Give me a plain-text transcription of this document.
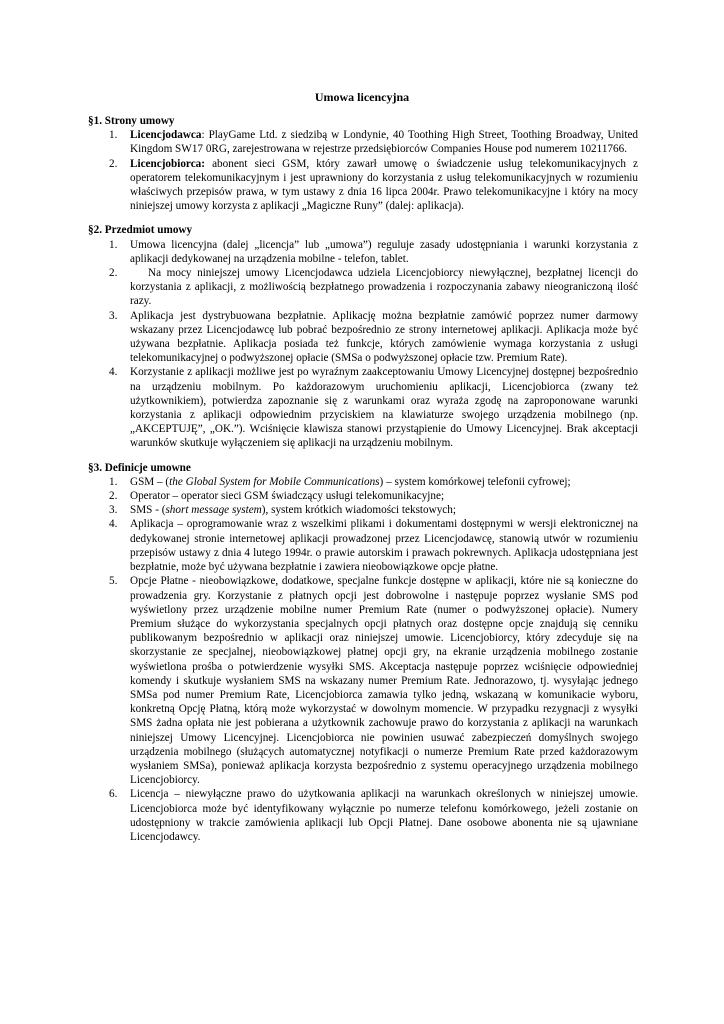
Umowa licencyjna

§1. Strony umowy

1. Licencjodawca: PlayGame Ltd. z siedzibą w Londynie, 40 Toothing High Street, Toothing Broadway, United Kingdom SW17 0RG, zarejestrowana w rejestrze przedsiębiorców Companies House pod numerem 10211766.
2. Licencjobiorca: abonent sieci GSM, który zawarł umowę o świadczenie usług telekomunikacyjnych z operatorem telekomunikacyjnym i jest uprawniony do korzystania z usług telekomunikacyjnych w rozumieniu właściwych przepisów prawa, w tym ustawy z dnia 16 lipca 2004r. Prawo telekomunikacyjne i który na mocy niniejszej umowy korzysta z aplikacji „Magiczne Runy” (dalej: aplikacja).

§2. Przedmiot umowy

1. Umowa licencyjna (dalej „licencja” lub „umowa”) reguluje zasady udostępniania i warunki korzystania z aplikacji dedykowanej na urządzenia mobilne - telefon, tablet.
2.	Na mocy niniejszej umowy Licencjodawca udziela Licencjobiorcy niewyłącznej, bezpłatnej licencji do korzystania z aplikacji, z możliwością bezpłatnego prowadzenia i rozpoczynania zabawy nieograniczoną ilość razy.
3. Aplikacja jest dystrybuowana bezpłatnie. Aplikację można bezpłatnie zamówić poprzez numer darmowy wskazany przez Licencjodawcę lub pobrać bezpośrednio ze strony internetowej aplikacji. Aplikacja może być używana bezpłatnie. Aplikacja posiada też funkcje, których zamówienie wymaga korzystania z usługi telekomunikacyjnej o podwyższonej opłacie (SMSa o podwyższonej opłacie tzw. Premium Rate).
4. Korzystanie z aplikacji możliwe jest po wyraźnym zaakceptowaniu Umowy Licencyjnej dostępnej bezpośrednio na urządzeniu mobilnym. Po każdorazowym uruchomieniu aplikacji, Licencjobiorca (zwany też użytkownikiem), potwierdza zapoznanie się z warunkami oraz wyraża zgodę na zaproponowane warunki korzystania z aplikacji odpowiednim przyciskiem na klawiaturze swojego urządzenia mobilnego (np. „AKCEPTUJĘ”, „OK.”). Wciśnięcie klawisza stanowi przystąpienie do Umowy Licencyjnej. Brak akceptacji warunków skutkuje wyłączeniem się aplikacji na urządzeniu mobilnym.

§3. Definicje umowne

1. GSM – (the Global System for Mobile Communications) – system komórkowej telefonii cyfrowej;
2. Operator – operator sieci GSM świadczący usługi telekomunikacyjne;
3. SMS - (short message system), system krótkich wiadomości tekstowych;
4. Aplikacja – oprogramowanie wraz z wszelkimi plikami i dokumentami dostępnymi w wersji elektronicznej na dedykowanej stronie internetowej aplikacji prowadzonej przez Licencjodawcę, stanowią utwór w rozumieniu przepisów ustawy z dnia 4 lutego 1994r. o prawie autorskim i prawach pokrewnych. Aplikacja udostępniana jest bezpłatnie, może być używana bezpłatnie i zawiera nieobowiązkowe opcje płatne.
5. Opcje Płatne - nieobowiązkowe, dodatkowe, specjalne funkcje dostępne w aplikacji, które nie są konieczne do prowadzenia gry. Korzystanie z płatnych opcji jest dobrowolne i następuje poprzez wysłanie SMS pod wyświetlony przez urządzenie mobilne numer Premium Rate (numer o podwyższonej opłacie). Numery Premium służące do wykorzystania specjalnych opcji płatnych oraz dostępne opcje znajdują się cenniku publikowanym bezpośrednio w aplikacji oraz niniejszej umowie. Licencjobiorcy, który zdecyduje się na skorzystanie ze specjalnej, nieobowiązkowej płatnej opcji gry, na ekranie urządzenia mobilnego zostanie wyświetlona prośba o potwierdzenie wysyłki SMS. Akceptacja następuje poprzez wciśnięcie odpowiedniej komendy i skutkuje wysłaniem SMS na wskazany numer Premium Rate. Jednorazowo, tj. wysyłając jednego SMSa pod numer Premium Rate, Licencjobiorca zamawia tylko jedną, wskazaną w komunikacie wyboru, konkretną Opcję Płatną, którą może wykorzystać w dowolnym momencie. W przypadku rezygnacji z wysyłki SMS żadna opłata nie jest pobierana a użytkownik zachowuje prawo do korzystania z aplikacji na warunkach niniejszej Umowy Licencyjnej. Licencjobiorca nie powinien usuwać zabezpieczeń domyślnych swojego urządzenia mobilnego (służących automatycznej notyfikacji o numerze Premium Rate przed każdorazowym wysłaniem SMSa), ponieważ aplikacja korzysta bezpośrednio z systemu operacyjnego urządzenia mobilnego Licencjobiorcy.
6. Licencja – niewyłączne prawo do użytkowania aplikacji na warunkach określonych w niniejszej umowie. Licencjobiorca może być identyfikowany wyłącznie po numerze telefonu komórkowego, jeżeli zostanie on udostępniony w trakcie zamówienia aplikacji lub Opcji Płatnej. Dane osobowe abonenta nie są ujawniane Licencjodawcy.
